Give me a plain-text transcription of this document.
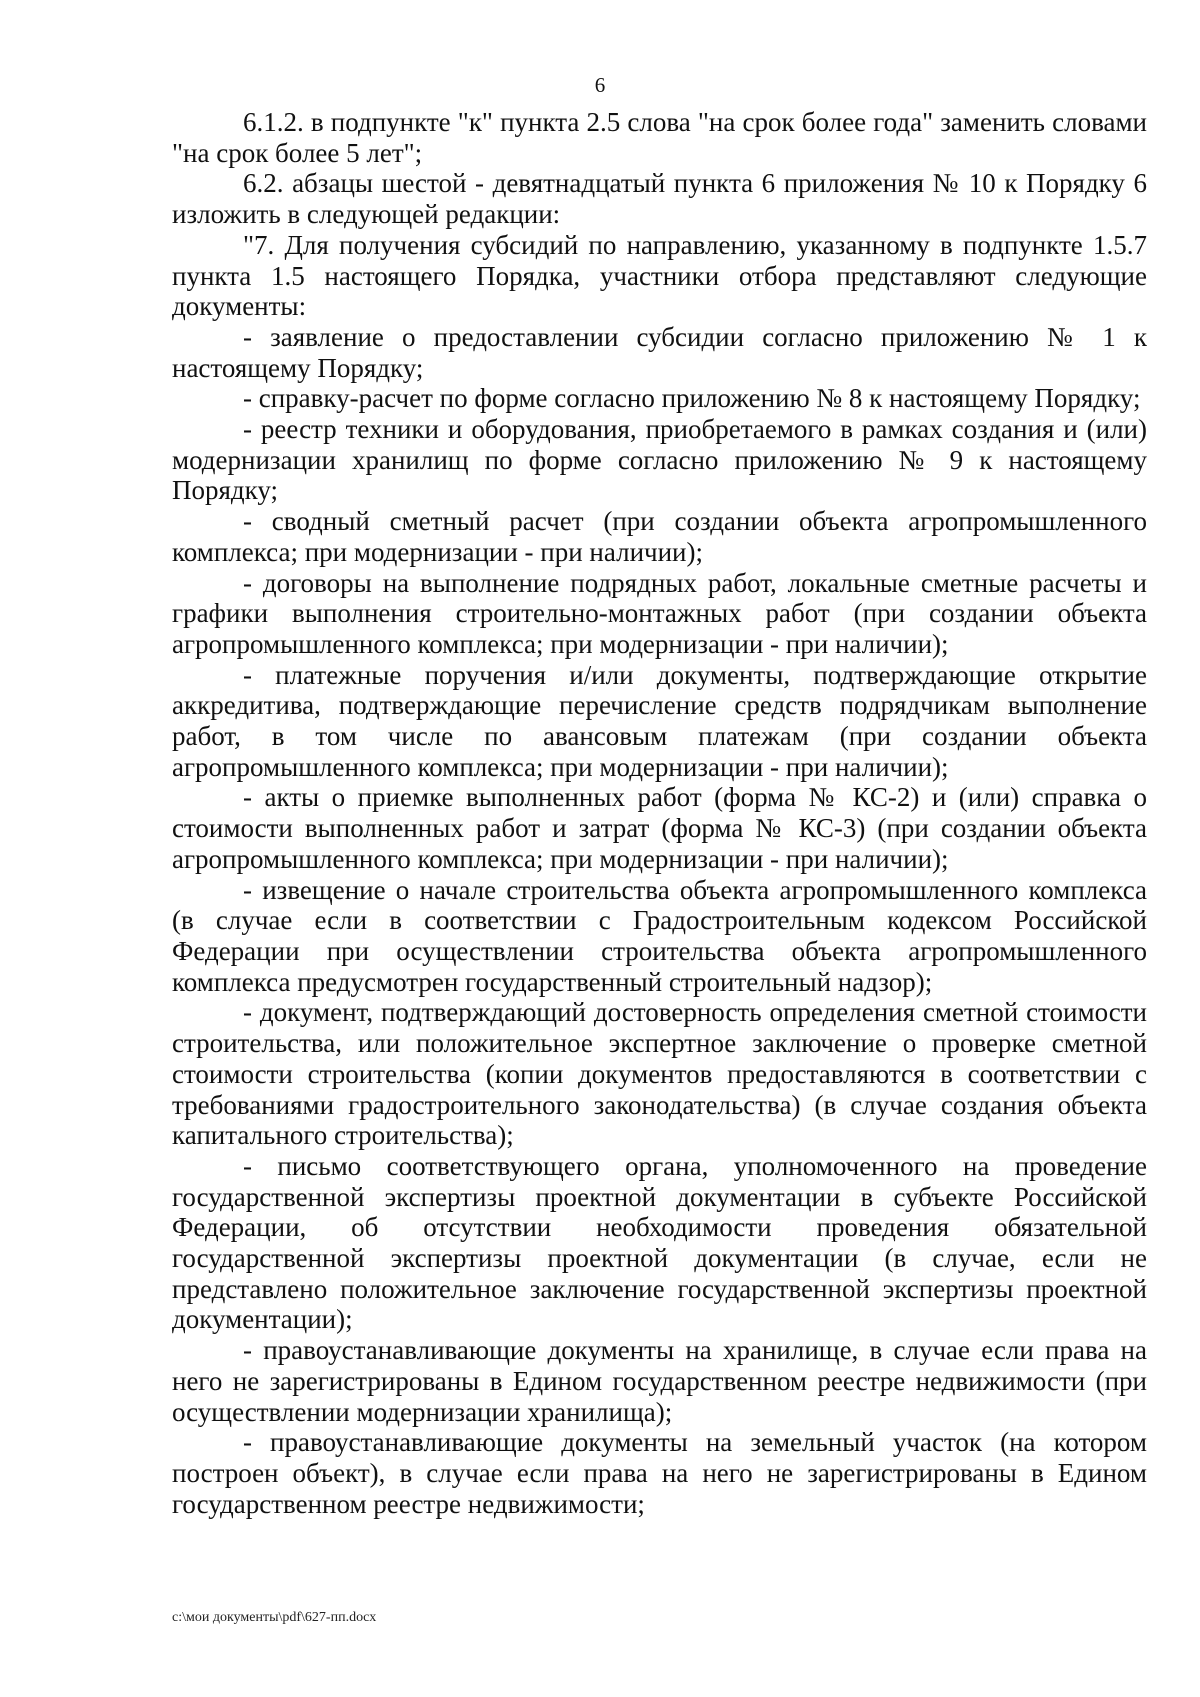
6

6.1.2. в подпункте "к" пункта 2.5 слова "на срок более года" заменить словами "на срок более 5 лет";

6.2. абзацы шестой - девятнадцатый пункта 6 приложения № 10 к Порядку 6 изложить в следующей редакции:

"7. Для получения субсидий по направлению, указанному в подпункте 1.5.7 пункта 1.5 настоящего Порядка, участники отбора представляют следующие документы:

- заявление о предоставлении субсидии согласно приложению № 1 к настоящему Порядку;

- справку-расчет по форме согласно приложению № 8 к настоящему Порядку;

- реестр техники и оборудования, приобретаемого в рамках создания и (или) модернизации хранилищ по форме согласно приложению № 9 к настоящему Порядку;

- сводный сметный расчет (при создании объекта агропромышленного комплекса; при модернизации - при наличии);

- договоры на выполнение подрядных работ, локальные сметные расчеты и графики выполнения строительно-монтажных работ (при создании объекта агропромышленного комплекса; при модернизации - при наличии);

- платежные поручения и/или документы, подтверждающие открытие аккредитива, подтверждающие перечисление средств подрядчикам выполнение работ, в том числе по авансовым платежам (при создании объекта агропромышленного комплекса; при модернизации - при наличии);

- акты о приемке выполненных работ (форма № КС-2) и (или) справка о стоимости выполненных работ и затрат (форма № КС-3) (при создании объекта агропромышленного комплекса; при модернизации - при наличии);

- извещение о начале строительства объекта агропромышленного комплекса (в случае если в соответствии с Градостроительным кодексом Российской Федерации при осуществлении строительства объекта агропромышленного комплекса предусмотрен государственный строительный надзор);

- документ, подтверждающий достоверность определения сметной стоимости строительства, или положительное экспертное заключение о проверке сметной стоимости строительства (копии документов предоставляются в соответствии с требованиями градостроительного законодательства) (в случае создания объекта капитального строительства);

- письмо соответствующего органа, уполномоченного на проведение государственной экспертизы проектной документации в субъекте Российской Федерации, об отсутствии необходимости проведения обязательной государственной экспертизы проектной документации (в случае, если не представлено положительное заключение государственной экспертизы проектной документации);

- правоустанавливающие документы на хранилище, в случае если права на него не зарегистрированы в Едином государственном реестре недвижимости (при осуществлении модернизации хранилища);

- правоустанавливающие документы на земельный участок (на котором построен объект), в случае если права на него не зарегистрированы в Едином государственном реестре недвижимости;

c:\мои документы\pdf\627-пп.docx
